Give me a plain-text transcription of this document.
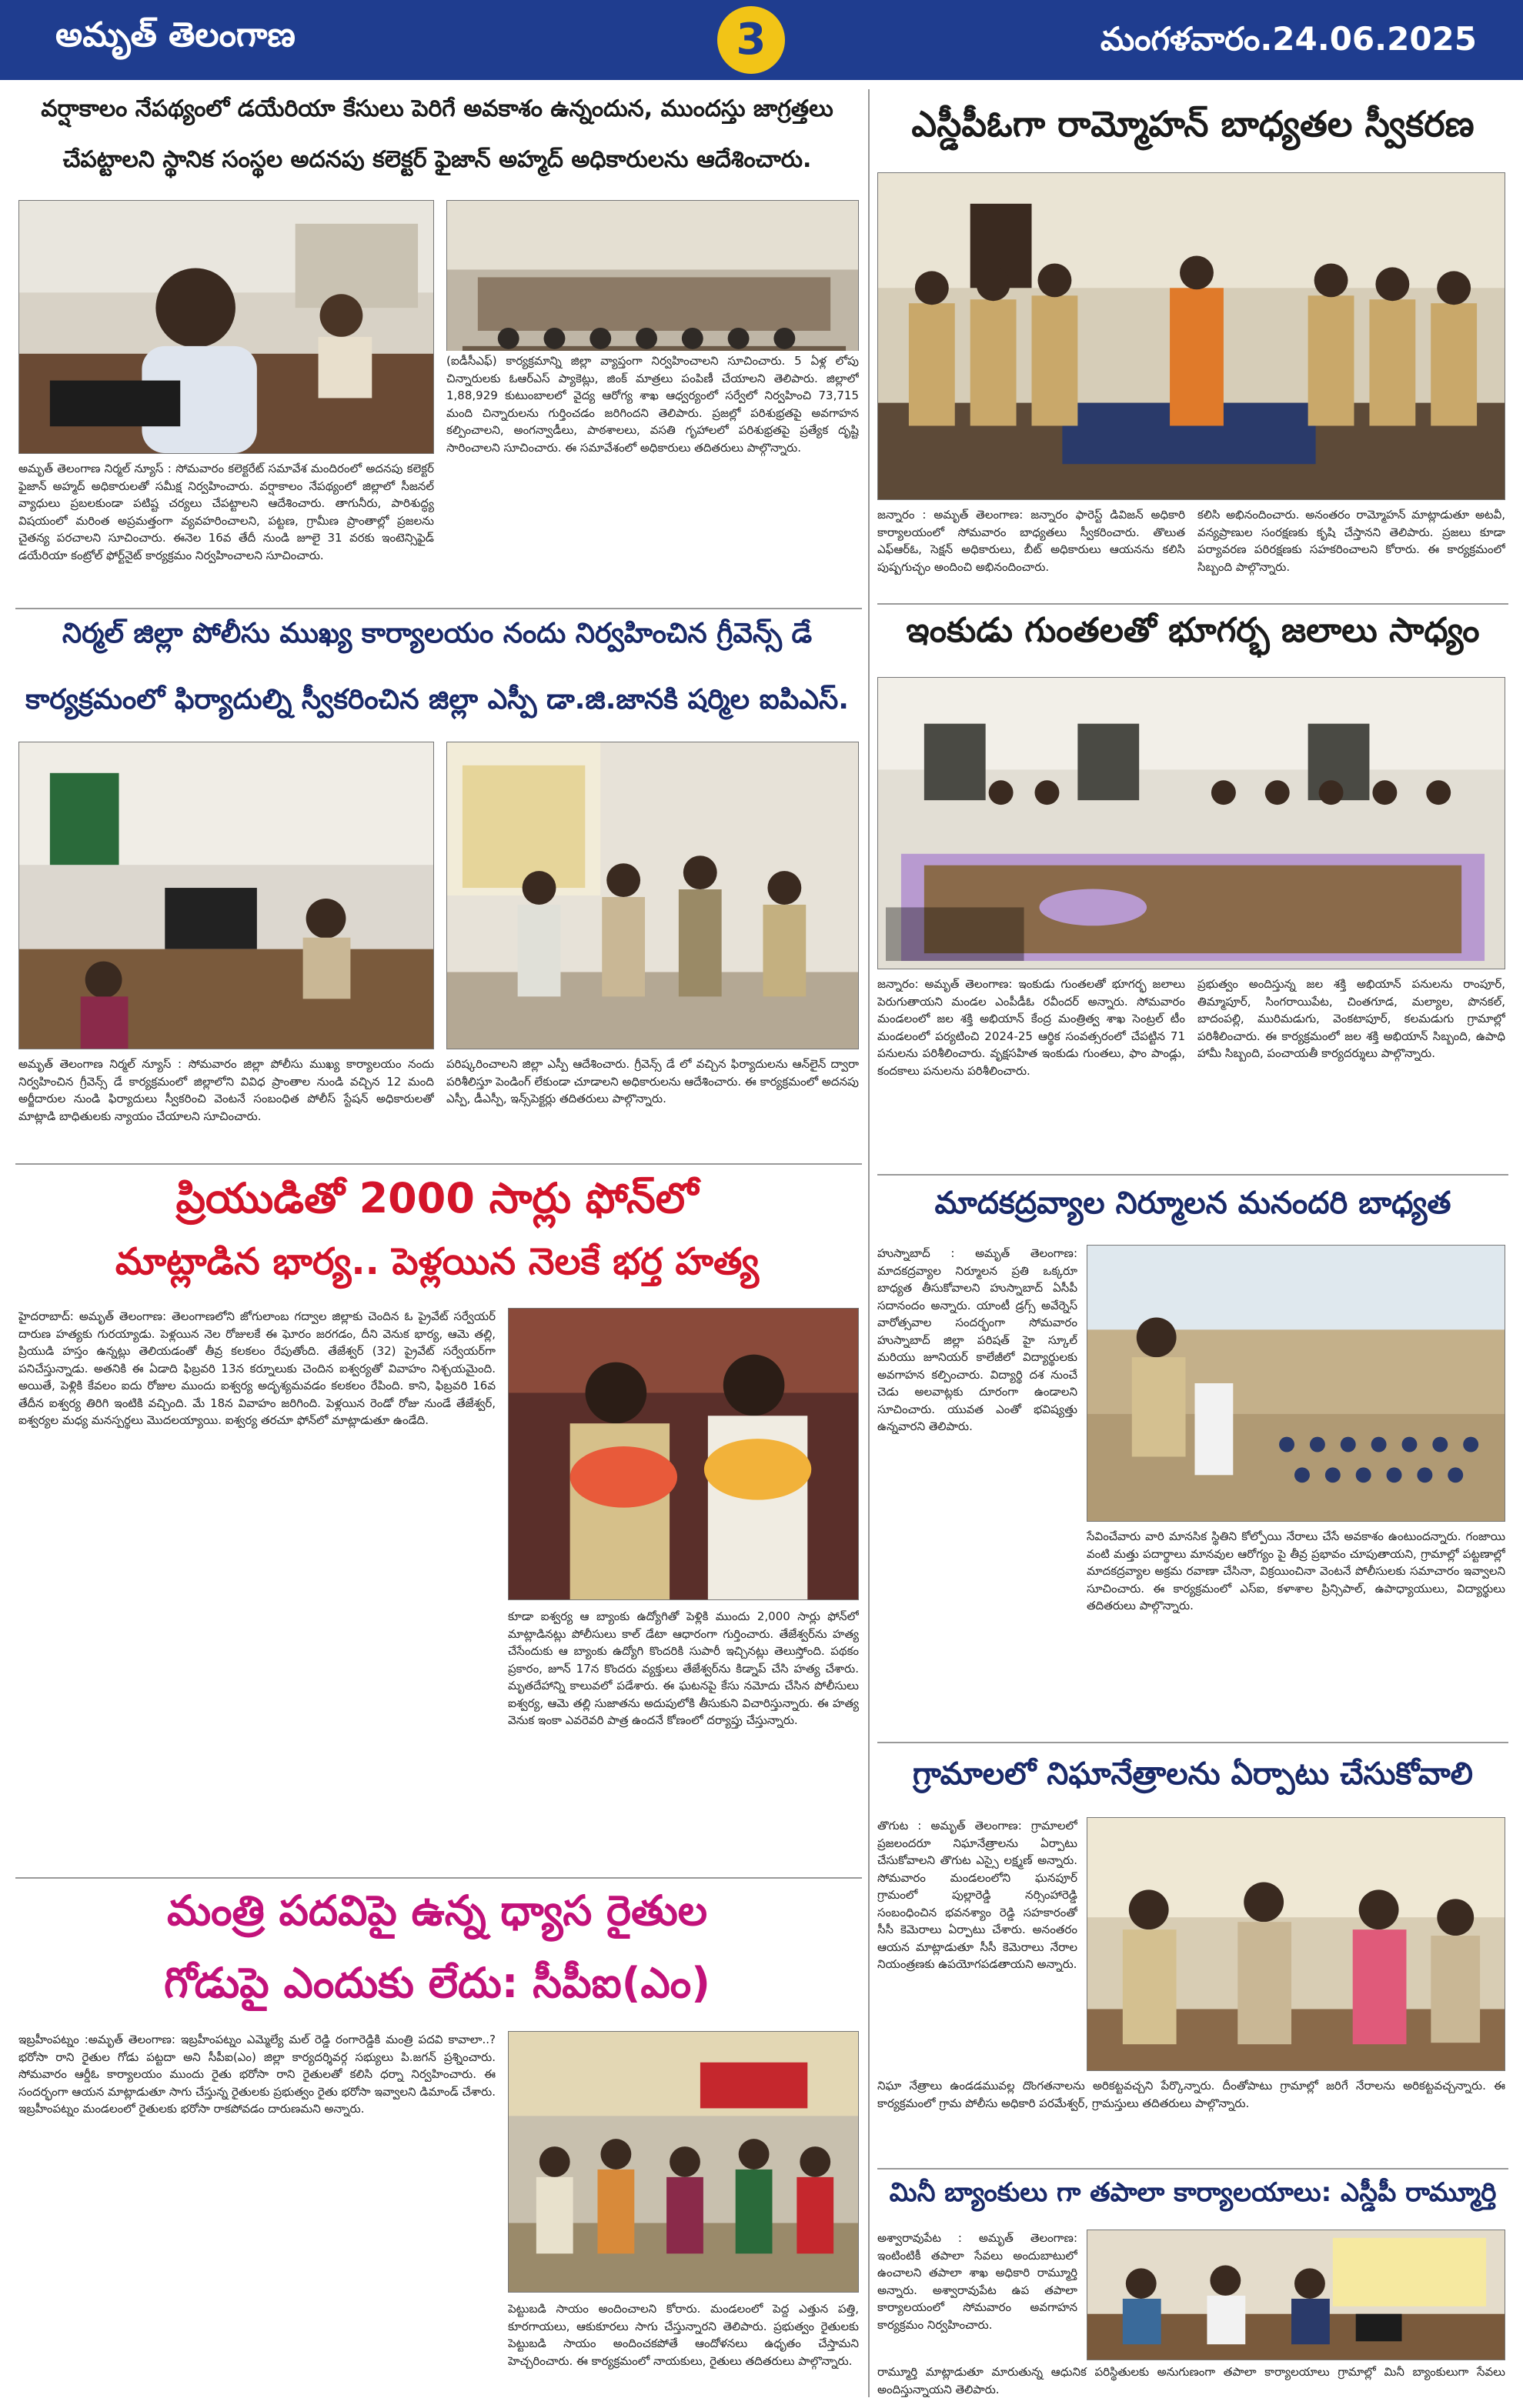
అమృత్ తెలంగాణ	3	మంగళవారం.24.06.2025
వర్షాకాలం నేపథ్యంలో డయేరియా కేసులు పెరిగే అవకాశం ఉన్నందున, ముందస్తు జాగ్రత్తలు
చేపట్టాలని స్థానిక సంస్థల అదనపు కలెక్టర్ ఫైజాన్ అహ్మద్ అధికారులను ఆదేశించారు.
అమృత్ తెలంగాణ నిర్మల్ న్యూస్ : సోమవారం కలెక్టరేట్ సమావేశ మందిరంలో అదనపు కలెక్టర్ ఫైజాన్ అహ్మద్ అధికారులతో సమీక్ష నిర్వహించారు. వర్షాకాలం నేపథ్యంలో జిల్లాలో సీజనల్ వ్యాధులు ప్రబలకుండా పటిష్ట చర్యలు చేపట్టాలని ఆదేశించారు. తాగునీరు, పారిశుద్ధ్య విషయంలో మరింత అప్రమత్తంగా వ్యవహరించాలని, పట్టణ, గ్రామీణ ప్రాంతాల్లో ప్రజలను చైతన్య పరచాలని సూచించారు. ఈనెల 16వ తేదీ నుండి జూలై 31 వరకు ఇంటెన్సిఫైడ్ డయేరియా కంట్రోల్ ఫోర్ట్‌నైట్ కార్యక్రమం నిర్వహించాలని సూచించారు.
(ఐడీసీఎఫ్) కార్యక్రమాన్ని జిల్లా వ్యాప్తంగా నిర్వహించాలని సూచించారు. 5 ఏళ్ల లోపు చిన్నారులకు ఓఆర్ఎస్ ప్యాకెట్లు, జింక్ మాత్రలు పంపిణీ చేయాలని తెలిపారు. జిల్లాలో 1,88,929 కుటుంబాలలో వైద్య ఆరోగ్య శాఖ ఆధ్వర్యంలో సర్వేలో నిర్వహించి 73,715 మంది చిన్నారులను గుర్తించడం జరిగిందని తెలిపారు. ప్రజల్లో పరిశుభ్రతపై అవగాహన కల్పించాలని, అంగన్వాడీలు, పాఠశాలలు, వసతి గృహాలలో పరిశుభ్రతపై ప్రత్యేక దృష్టి సారించాలని సూచించారు. ఈ సమావేశంలో అధికారులు తదితరులు పాల్గొన్నారు.
నిర్మల్ జిల్లా పోలీసు ముఖ్య కార్యాలయం నందు నిర్వహించిన గ్రీవెన్స్ డే
కార్యక్రమంలో ఫిర్యాదుల్ని స్వీకరించిన జిల్లా ఎస్పీ డా.జి.జానకి షర్మిల ఐపిఎస్.
అమృత్ తెలంగాణ నిర్మల్ న్యూస్ : సోమవారం జిల్లా పోలీసు ముఖ్య కార్యాలయం నందు నిర్వహించిన గ్రీవెన్స్ డే కార్యక్రమంలో జిల్లాలోని వివిధ ప్రాంతాల నుండి వచ్చిన 12 మంది అర్జీదారుల నుండి ఫిర్యాదులు స్వీకరించి వెంటనే సంబంధిత పోలీస్ స్టేషన్ అధికారులతో మాట్లాడి బాధితులకు న్యాయం చేయాలని సూచించారు.
పరిష్కరించాలని జిల్లా ఎస్పీ ఆదేశించారు. గ్రీవెన్స్ డే లో వచ్చిన ఫిర్యాదులను ఆన్‌లైన్ ద్వారా పరిశీలిస్తూ పెండింగ్ లేకుండా చూడాలని అధికారులను ఆదేశించారు. ఈ కార్యక్రమంలో అదనపు ఎస్పీ, డీఎస్పీ, ఇన్స్‌పెక్టర్లు తదితరులు పాల్గొన్నారు.
ప్రియుడితో 2000 సార్లు ఫోన్‌లో
మాట్లాడిన భార్య.. పెళ్లయిన నెలకే భర్త హత్య
హైదరాబాద్: అమృత్ తెలంగాణ: తెలంగాణలోని జోగులాంబ గద్వాల జిల్లాకు చెందిన ఓ ప్రైవేట్ సర్వేయర్ దారుణ హత్యకు గురయ్యాడు. పెళ్లయిన నెల రోజులకే ఈ ఘోరం జరగడం, దీని వెనుక భార్య, ఆమె తల్లి, ప్రియుడి హస్తం ఉన్నట్లు తెలియడంతో తీవ్ర కలకలం రేపుతోంది. తేజేశ్వర్ (32) ప్రైవేట్ సర్వేయర్‌గా పనిచేస్తున్నాడు. అతనికి ఈ ఏడాది ఫిబ్రవరి 13న కర్నూలుకు చెందిన ఐశ్వర్యతో వివాహం నిశ్చయమైంది. అయితే, పెళ్లికి కేవలం ఐదు రోజుల ముందు ఐశ్వర్య అదృశ్యమవడం కలకలం రేపింది. కాని, ఫిబ్రవరి 16వ తేదీన ఐశ్వర్య తిరిగి ఇంటికి వచ్చింది. మే 18న వివాహం జరిగింది. పెళ్లయిన రెండో రోజు నుండే తేజేశ్వర్, ఐశ్వర్యల మధ్య మనస్పర్థలు మొదలయ్యాయి. ఐశ్వర్య తరచూ ఫోన్‌లో మాట్లాడుతూ ఉండేది.
కూడా ఐశ్వర్య ఆ బ్యాంకు ఉద్యోగితో పెళ్లికి ముందు 2,000 సార్లు ఫోన్‌లో మాట్లాడినట్లు పోలీసులు కాల్ డేటా ఆధారంగా గుర్తించారు. తేజేశ్వర్‌ను హత్య చేసేందుకు ఆ బ్యాంకు ఉద్యోగి కొందరికి సుపారీ ఇచ్చినట్లు తెలుస్తోంది. పథకం ప్రకారం, జూన్ 17న కొందరు వ్యక్తులు తేజేశ్వర్‌ను కిడ్నాప్ చేసి హత్య చేశారు. మృతదేహాన్ని కాలువలో పడేశారు. ఈ ఘటనపై కేసు నమోదు చేసిన పోలీసులు ఐశ్వర్య, ఆమె తల్లి సుజాతను అదుపులోకి తీసుకుని విచారిస్తున్నారు. ఈ హత్య వెనుక ఇంకా ఎవరెవరి పాత్ర ఉందనే కోణంలో దర్యాప్తు చేస్తున్నారు.
మంత్రి పదవిపై ఉన్న ధ్యాస రైతుల
గోడుపై ఎందుకు లేదు: సీపీఐ(ఎం)
ఇబ్రహీంపట్నం :అమృత్ తెలంగాణ: ఇబ్రహీంపట్నం ఎమ్మెల్యే మల్ రెడ్డి రంగారెడ్డికి మంత్రి పదవి కావాలా..? భరోసా రాని రైతుల గోడు పట్టదా అని సీపీఐ(ఎం) జిల్లా కార్యదర్శివర్గ సభ్యులు పి.జగన్ ప్రశ్నించారు. సోమవారం ఆర్డీఓ కార్యాలయం ముందు రైతు భరోసా రాని రైతులతో కలిసి ధర్నా నిర్వహించారు. ఈ సందర్భంగా ఆయన మాట్లాడుతూ సాగు చేస్తున్న రైతులకు ప్రభుత్వం రైతు భరోసా ఇవ్వాలని డిమాండ్ చేశారు. ఇబ్రహీంపట్నం మండలంలో రైతులకు భరోసా రాకపోవడం దారుణమని అన్నారు.
పెట్టుబడి సాయం అందించాలని కోరారు. మండలంలో పెద్ద ఎత్తున పత్తి, కూరగాయలు, ఆకుకూరలు సాగు చేస్తున్నారని తెలిపారు. ప్రభుత్వం రైతులకు పెట్టుబడి సాయం అందించకపోతే ఆందోళనలు ఉధృతం చేస్తామని హెచ్చరించారు. ఈ కార్యక్రమంలో నాయకులు, రైతులు తదితరులు పాల్గొన్నారు.
ఎస్డీపీఓగా రామ్మోహన్ బాధ్యతల స్వీకరణ
జన్నారం : అమృత్ తెలంగాణ: జన్నారం ఫారెస్ట్ డివిజన్ అధికారి కార్యాలయంలో సోమవారం బాధ్యతలు స్వీకరించారు. తొలుత ఎఫ్ఆర్ఓ, సెక్షన్ అధికారులు, బీట్ అధికారులు ఆయనను కలిసి పుష్పగుచ్ఛం అందించి అభినందించారు.
కలిసి అభినందించారు. అనంతరం రామ్మోహన్ మాట్లాడుతూ అటవీ, వన్యప్రాణుల సంరక్షణకు కృషి చేస్తానని తెలిపారు. ప్రజలు కూడా పర్యావరణ పరిరక్షణకు సహకరించాలని కోరారు. ఈ కార్యక్రమంలో సిబ్బంది పాల్గొన్నారు.
ఇంకుడు గుంతలతో భూగర్భ జలాలు సాధ్యం
జన్నారం: అమృత్ తెలంగాణ: ఇంకుడు గుంతలతో భూగర్భ జలాలు పెరుగుతాయని మండల ఎంపీడీఓ రవీందర్ అన్నారు. సోమవారం మండలంలో జల శక్తి అభియాన్ కేంద్ర మంత్రిత్వ శాఖ సెంట్రల్ టీం మండలంలో పర్యటించి 2024-25 ఆర్థిక సంవత్సరంలో చేపట్టిన 71 పనులను పరిశీలించారు. వృక్షసహిత ఇంకుడు గుంతలు, ఫాం పాండ్లు, కందకాలు పనులను పరిశీలించారు.
ప్రభుత్వం అందిస్తున్న జల శక్తి అభియాన్ పనులను రాంపూర్, తిమ్మాపూర్, సింగరాయిపేట, చింతగూడ, మల్యాల, పొనకల్, బాదంపల్లి, మురిమడుగు, వెంకటాపూర్, కలమడుగు గ్రామాల్లో పరిశీలించారు. ఈ కార్యక్రమంలో జల శక్తి అభియాన్ సిబ్బంది, ఉపాధి హామీ సిబ్బంది, పంచాయతీ కార్యదర్శులు పాల్గొన్నారు.
మాదకద్రవ్యాల నిర్మూలన మనందరి బాధ్యత
హుస్నాబాద్ : అమృత్ తెలంగాణ: మాదకద్రవ్యాల నిర్మూలన ప్రతి ఒక్కరూ బాధ్యత తీసుకోవాలని హుస్నాబాద్ ఏసీపీ సదానందం అన్నారు. యాంటీ డ్రగ్స్ అవేర్నెస్ వారోత్సవాల సందర్భంగా సోమవారం హుస్నాబాద్ జిల్లా పరిషత్ హై స్కూల్ మరియు జూనియర్ కాలేజీలో విద్యార్థులకు అవగాహన కల్పించారు. విద్యార్థి దశ నుంచే చెడు అలవాట్లకు దూరంగా ఉండాలని సూచించారు. యువత ఎంతో భవిష్యత్తు ఉన్నవారని తెలిపారు.
సేవించేవారు వారి మానసిక స్థితిని కోల్పోయి నేరాలు చేసే అవకాశం ఉంటుందన్నారు. గంజాయి వంటి మత్తు పదార్థాలు మానవుల ఆరోగ్యం పై తీవ్ర ప్రభావం చూపుతాయని, గ్రామాల్లో పట్టణాల్లో మాదకద్రవ్యాల అక్రమ రవాణా చేసినా, విక్రయించినా వెంటనే పోలీసులకు సమాచారం ఇవ్వాలని సూచించారు. ఈ కార్యక్రమంలో ఎస్ఐ, కళాశాల ప్రిన్సిపాల్, ఉపాధ్యాయులు, విద్యార్థులు తదితరులు పాల్గొన్నారు.
గ్రామాలలో నిఘానేత్రాలను ఏర్పాటు చేసుకోవాలి
తొగుట : అమృత్ తెలంగాణ: గ్రామాలలో ప్రజలందరూ నిఘానేత్రాలను ఏర్పాటు చేసుకోవాలని తొగుట ఎస్సై లక్ష్మణ్ అన్నారు. సోమవారం మండలంలోని ఘనపూర్ గ్రామంలో పుల్లారెడ్డి నర్సింహారెడ్డి సంబంధించిన భవనశ్యాం రెడ్డి సహకారంతో సీసీ కెమెరాలు ఏర్పాటు చేశారు. అనంతరం ఆయన మాట్లాడుతూ సీసీ కెమెరాలు నేరాల నియంత్రణకు ఉపయోగపడతాయని అన్నారు.
నిఘా నేత్రాలు ఉండడమువల్ల దొంగతనాలను అరికట్టవచ్చని పేర్కొన్నారు. దీంతోపాటు గ్రామాల్లో జరిగే నేరాలను అరికట్టవచ్చన్నారు. ఈ కార్యక్రమంలో గ్రామ పోలీసు అధికారి పరమేశ్వర్, గ్రామస్తులు తదితరులు పాల్గొన్నారు.
మినీ బ్యాంకులు గా తపాలా కార్యాలయాలు: ఎస్డీపీ రామ్మూర్తి
అశ్వారావుపేట : అమృత్ తెలంగాణ: ఇంటింటికీ తపాలా సేవలు అందుబాటులో ఉంచాలని తపాలా శాఖ అధికారి రామ్మూర్తి అన్నారు. అశ్వారావుపేట ఉప తపాలా కార్యాలయంలో సోమవారం అవగాహన కార్యక్రమం నిర్వహించారు.
రామ్మూర్తి మాట్లాడుతూ మారుతున్న ఆధునిక పరిస్థితులకు అనుగుణంగా తపాలా కార్యాలయాలు గ్రామాల్లో మినీ బ్యాంకులుగా సేవలు అందిస్తున్నాయని తెలిపారు.
